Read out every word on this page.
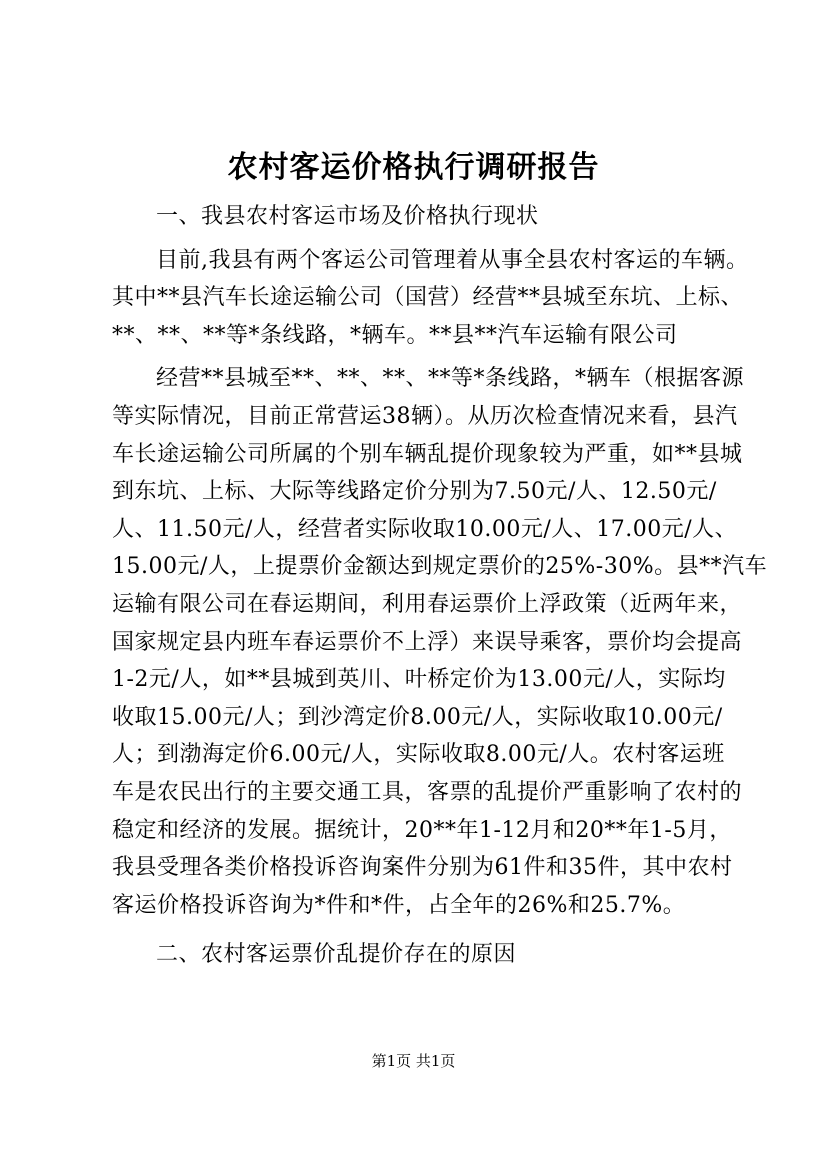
农村客运价格执行调研报告
一、我县农村客运市场及价格执行现状
目前,我县有两个客运公司管理着从事全县农村客运的车辆。
其中**县汽车长途运输公司（国营）经营**县城至东坑、上标、
**、**、**等*条线路，*辆车。**县**汽车运输有限公司
经营**县城至**、**、**、**等*条线路，*辆车（根据客源
等实际情况，目前正常营运38辆）。从历次检查情况来看，县汽
车长途运输公司所属的个别车辆乱提价现象较为严重，如**县城
到东坑、上标、大际等线路定价分别为7.50元/人、12.50元/
人、11.50元/人，经营者实际收取10.00元/人、17.00元/人、
15.00元/人，上提票价金额达到规定票价的25%-30%。县**汽车
运输有限公司在春运期间，利用春运票价上浮政策（近两年来，
国家规定县内班车春运票价不上浮）来误导乘客，票价均会提高
1-2元/人，如**县城到英川、叶桥定价为13.00元/人，实际均
收取15.00元/人；到沙湾定价8.00元/人，实际收取10.00元/
人；到渤海定价6.00元/人，实际收取8.00元/人。农村客运班
车是农民出行的主要交通工具，客票的乱提价严重影响了农村的
稳定和经济的发展。据统计，20**年1-12月和20**年1-5月，
我县受理各类价格投诉咨询案件分别为61件和35件，其中农村
客运价格投诉咨询为*件和*件，占全年的26%和25.7%。
二、农村客运票价乱提价存在的原因
第1页 共1页
